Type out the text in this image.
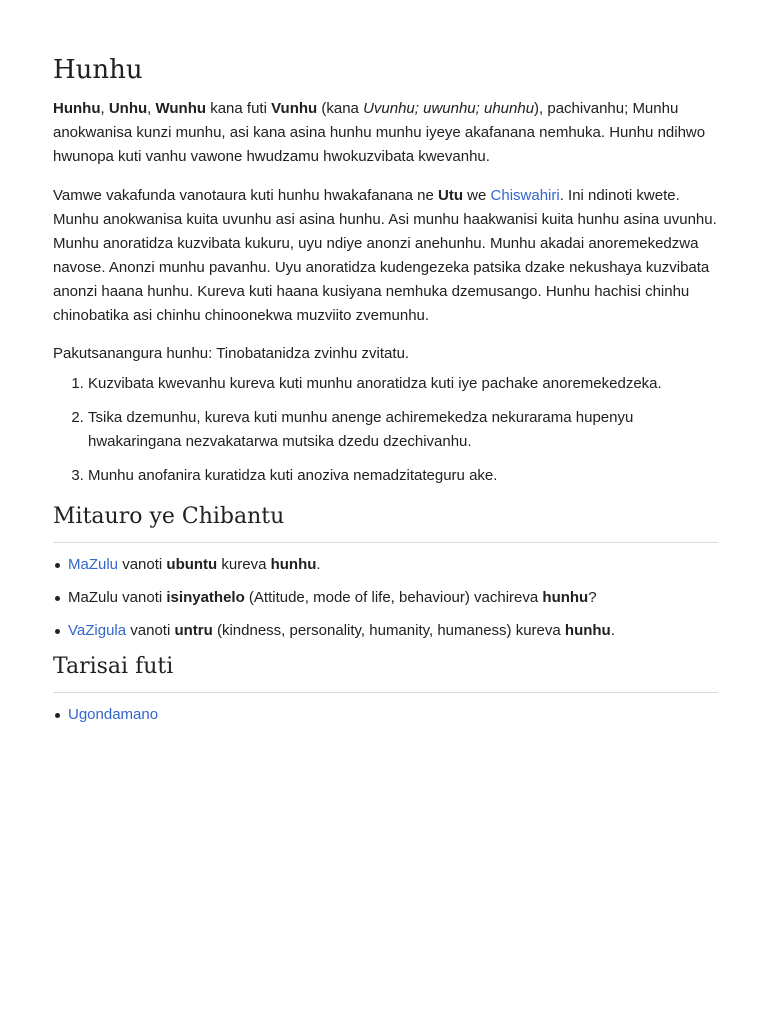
Hunhu

Hunhu, Unhu, Wunhu kana futi Vunhu (kana Uvunhu; uwunhu; uhunhu), pachivanhu; Munhu anokwanisa kunzi munhu, asi kana asina hunhu munhu iyeye akafanana nemhuka. Hunhu ndihwo hwunopa kuti vanhu vawone hwudzamu hwokuzvibata kwevanhu.

Vamwe vakafunda vanotaura kuti hunhu hwakafanana ne Utu we Chiswahiri. Ini ndinoti kwete. Munhu anokwanisa kuita uvunhu asi asina hunhu. Asi munhu haakwanisi kuita hunhu asina uvunhu. Munhu anoratidza kuzvibata kukuru, uyu ndiye anonzi anehunhu. Munhu akadai anoremekedzwa navose. Anonzi munhu pavanhu. Uyu anoratidza kudengezeka patsika dzake nekushaya kuzvibata anonzi haana hunhu. Kureva kuti haana kusiyana nemhuka dzemusango. Hunhu hachisi chinhu chinobatika asi chinhu chinoonekwa muzviito zvemunhu.

Pakutsanangura hunhu: Tinobatanidza zvinhu zvitatu.

1. Kuzvibata kwevanhu kureva kuti munhu anoratidza kuti iye pachake anoremekedzeka.
2. Tsika dzemunhu, kureva kuti munhu anenge achiremekedza nekurarama hupenyu hwakaringana nezvakatarwa mutsika dzedu dzechivanhu.
3. Munhu anofanira kuratidza kuti anoziva nemadzitateguru ake.
Mitauro ye Chibantu
MaZulu vanoti ubuntu kureva hunhu.
MaZulu vanoti isinyathelo (Attitude, mode of life, behaviour) vachireva hunhu?
VaZigula vanoti untru (kindness, personality, humanity, humaness) kureva hunhu.
Tarisai futi
Ugondamano
